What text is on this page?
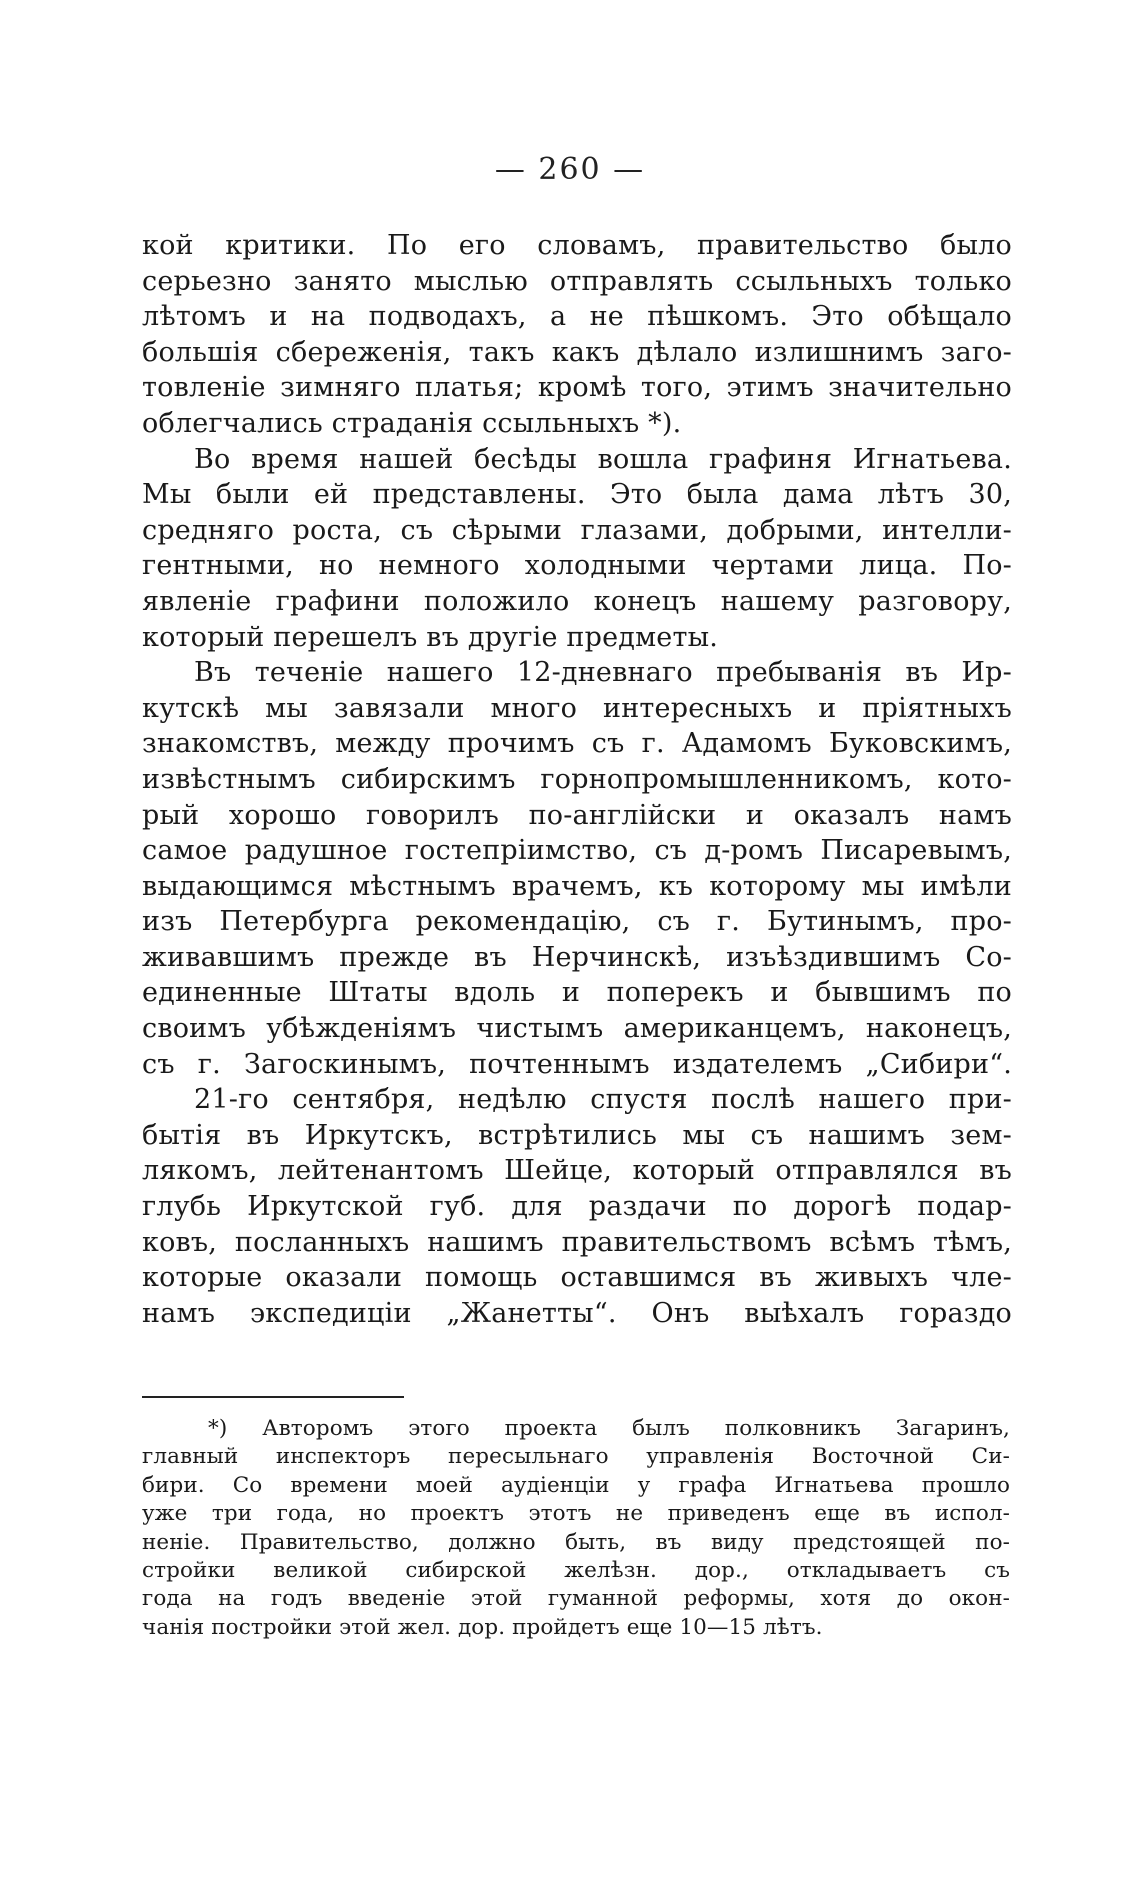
— 260 —
кой критики. По его словамъ, правительство было
серьезно занято мыслью отправлять ссыльныхъ только
лѣтомъ и на подводахъ, а не пѣшкомъ. Это обѣщало
большія сбереженія, такъ какъ дѣлало излишнимъ заго-
товленіе зимняго платья; кромѣ того, этимъ значительно
облегчались страданія ссыльныхъ *).
Во время нашей бесѣды вошла графиня Игнатьева.
Мы были ей представлены. Это была дама лѣтъ 30,
средняго роста, съ сѣрыми глазами, добрыми, интелли-
гентными, но немного холодными чертами лица. По-
явленіе графини положило конецъ нашему разговору,
который перешелъ въ другіе предметы.
Въ теченіе нашего 12-дневнаго пребыванія въ Ир-
кутскѣ мы завязали много интересныхъ и пріятныхъ
знакомствъ, между прочимъ съ г. Адамомъ Буковскимъ,
извѣстнымъ сибирскимъ горнопромышленникомъ, кото-
рый хорошо говорилъ по-англійски и оказалъ намъ
самое радушное гостепріимство, съ д-ромъ Писаревымъ,
выдающимся мѣстнымъ врачемъ, къ которому мы имѣли
изъ Петербурга рекомендацію, съ г. Бутинымъ, про-
живавшимъ прежде въ Нерчинскѣ, изъѣздившимъ Со-
единенные Штаты вдоль и поперекъ и бывшимъ по
своимъ убѣжденіямъ чистымъ американцемъ, наконецъ,
съ г. Загоскинымъ, почтеннымъ издателемъ „Сибири“.
21-го сентября, недѣлю спустя послѣ нашего при-
бытія въ Иркутскъ, встрѣтились мы съ нашимъ зем-
лякомъ, лейтенантомъ Шейце, который отправлялся въ
глубь Иркутской губ. для раздачи по дорогѣ подар-
ковъ, посланныхъ нашимъ правительствомъ всѣмъ тѣмъ,
которые оказали помощь оставшимся въ живыхъ чле-
намъ экспедиціи „Жанетты“. Онъ выѣхалъ гораздо
*) Авторомъ этого проекта былъ полковникъ Загаринъ,
главный инспекторъ пересыльнаго управленія Восточной Си-
бири. Со времени моей аудіенціи у графа Игнатьева прошло
уже три года, но проектъ этотъ не приведенъ еще въ испол-
неніе. Правительство, должно быть, въ виду предстоящей по-
стройки великой сибирской желѣзн. дор., откладываетъ съ
года на годъ введеніе этой гуманной реформы, хотя до окон-
чанія постройки этой жел. дор. пройдетъ еще 10—15 лѣтъ.
